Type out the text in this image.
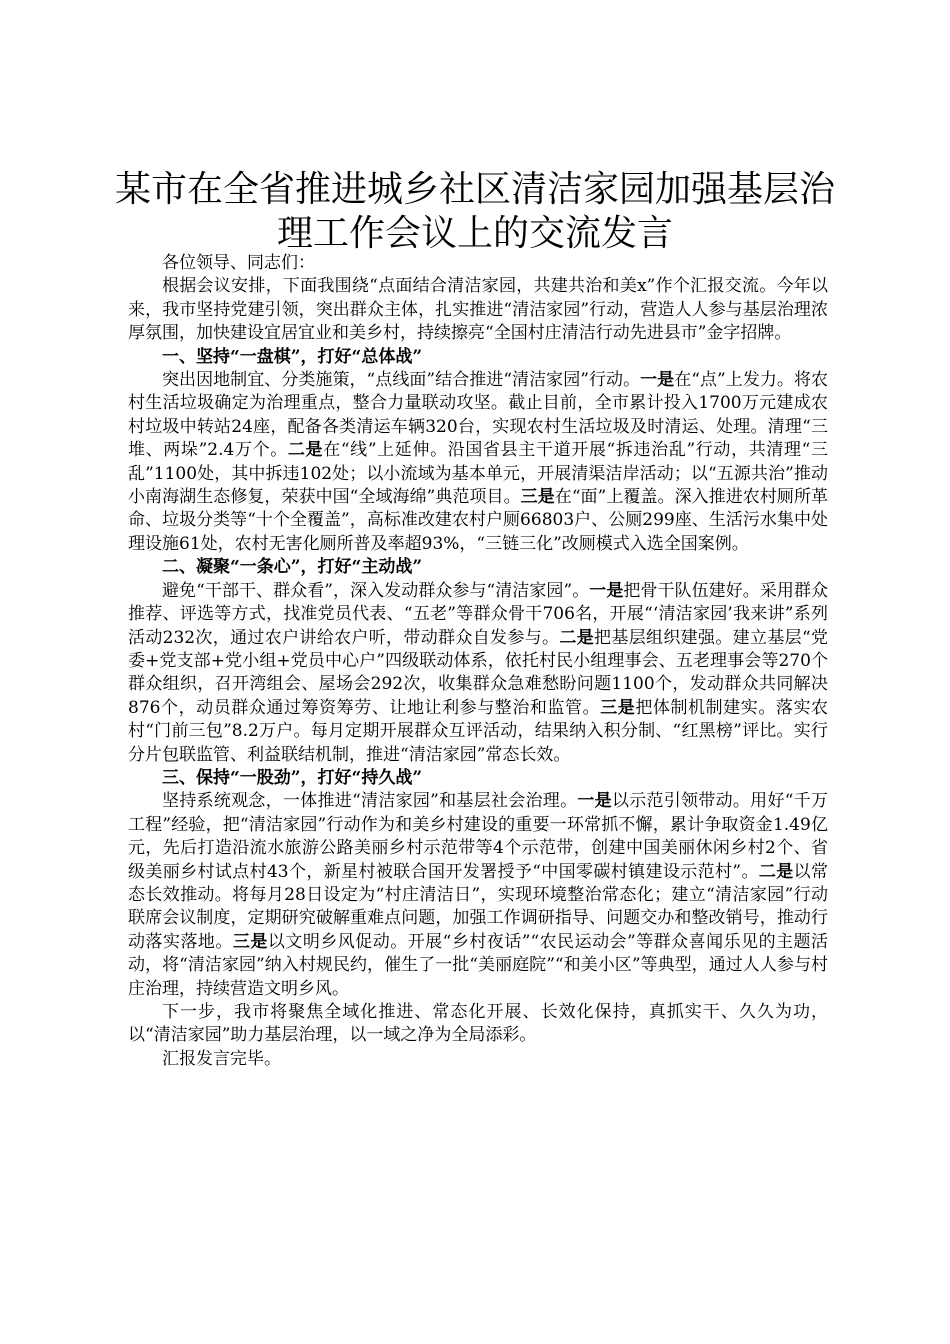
某市在全省推进城乡社区清洁家园加强基层治理工作会议上的交流发言

各位领导、同志们：

根据会议安排，下面我围绕“点面结合清洁家园，共建共治和美x”作个汇报交流。今年以来，我市坚持党建引领，突出群众主体，扎实推进“清洁家园”行动，营造人人参与基层治理浓厚氛围，加快建设宜居宜业和美乡村，持续擦亮“全国村庄清洁行动先进县市”金字招牌。

一、坚持“一盘棋”，打好“总体战”

突出因地制宜、分类施策，“点线面”结合推进“清洁家园”行动。一是在“点”上发力。将农村生活垃圾确定为治理重点，整合力量联动攻坚。截止目前，全市累计投入1700万元建成农村垃圾中转站24座，配备各类清运车辆320台，实现农村生活垃圾及时清运、处理。清理“三堆、两垛”2.4万个。二是在“线”上延伸。沿国省县主干道开展“拆违治乱”行动，共清理“三乱”1100处，其中拆违102处；以小流域为基本单元，开展清渠洁岸活动；以“五源共治”推动小南海湖生态修复，荣获中国“全域海绵”典范项目。三是在“面”上覆盖。深入推进农村厕所革命、垃圾分类等“十个全覆盖”，高标准改建农村户厕66803户、公厕299座、生活污水集中处理设施61处，农村无害化厕所普及率超93%，“三链三化”改厕模式入选全国案例。

二、凝聚“一条心”，打好“主动战”

避免“干部干、群众看”，深入发动群众参与“清洁家园”。一是把骨干队伍建好。采用群众推荐、评选等方式，找准党员代表、“五老”等群众骨干706名，开展“‘清洁家园’我来讲”系列活动232次，通过农户讲给农户听，带动群众自发参与。二是把基层组织建强。建立基层“党委+党支部+党小组+党员中心户”四级联动体系，依托村民小组理事会、五老理事会等270个群众组织，召开湾组会、屋场会292次，收集群众急难愁盼问题1100个，发动群众共同解决876个，动员群众通过筹资筹劳、让地让利参与整治和监管。三是把体制机制建实。落实农村“门前三包”8.2万户。每月定期开展群众互评活动，结果纳入积分制、“红黑榜”评比。实行分片包联监管、利益联结机制，推进“清洁家园”常态长效。

三、保持“一股劲”，打好“持久战”

坚持系统观念，一体推进“清洁家园”和基层社会治理。一是以示范引领带动。用好“千万工程”经验，把“清洁家园”行动作为和美乡村建设的重要一环常抓不懈，累计争取资金1.49亿元，先后打造沿流水旅游公路美丽乡村示范带等4个示范带，创建中国美丽休闲乡村2个、省级美丽乡村试点村43个，新星村被联合国开发署授予“中国零碳村镇建设示范村”。二是以常态长效推动。将每月28日设定为“村庄清洁日”，实现环境整治常态化；建立“清洁家园”行动联席会议制度，定期研究破解重难点问题，加强工作调研指导、问题交办和整改销号，推动行动落实落地。三是以文明乡风促动。开展“乡村夜话”“农民运动会”等群众喜闻乐见的主题活动，将“清洁家园”纳入村规民约，催生了一批“美丽庭院”“和美小区”等典型，通过人人参与村庄治理，持续营造文明乡风。

下一步，我市将聚焦全域化推进、常态化开展、长效化保持，真抓实干、久久为功，以“清洁家园”助力基层治理，以一域之净为全局添彩。

汇报发言完毕。
